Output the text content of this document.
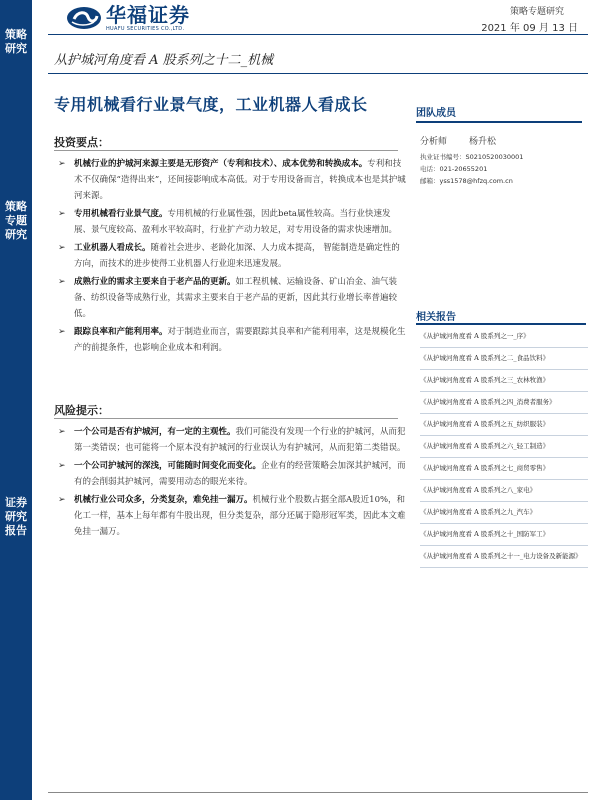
策略研究
策略专题研究
证券研究报告
华福证券
HUAFU SECURITIES CO.,LTD.
策略专题研究
2021 年 09 月 13 日
从护城河角度看 A 股系列之十二_机械
专用机械看行业景气度，工业机器人看成长
投资要点：
➢ 机械行业的护城河来源主要是无形资产（专利和技术）、成本优势和转换成本。专利和技术不仅确保“造得出来”，还间接影响成本高低。对于专用设备而言，转换成本也是其护城河来源。
➢ 专用机械看行业景气度。专用机械的行业属性强，因此beta属性较高。当行业快速发展、景气度较高、盈利水平较高时，行业扩产动力较足，对专用设备的需求快速增加。
➢ 工业机器人看成长。随着社会进步、老龄化加深、人力成本提高， 智能制造是确定性的方向，而技术的进步使得工业机器人行业迎来迅速发展。
➢ 成熟行业的需求主要来自于老产品的更新。如工程机械、运输设备、矿山冶金、油气装备、纺织设备等成熟行业，其需求主要来自于老产品的更新，因此其行业增长率普遍较低。
➢ 跟踪良率和产能利用率。对于制造业而言，需要跟踪其良率和产能利用率，这是规模化生产的前提条件，也影响企业成本和利润。
风险提示：
➢ 一个公司是否有护城河，有一定的主观性。我们可能没有发现一个行业的护城河，从而犯第一类错误；也可能将一个原本没有护城河的行业误认为有护城河，从而犯第二类错误。
➢ 一个公司护城河的深浅，可能随时间变化而变化。企业有的经营策略会加深其护城河，而有的会削弱其护城河，需要用动态的眼光来待。
➢ 机械行业公司众多，分类复杂，难免挂一漏万。机械行业个股数占据全部A股近10%，和化工一样，基本上每年都有牛股出现，但分类复杂，部分还属于隐形冠军类，因此本文难免挂一漏万。
团队成员
分析师 杨升松
执业证书编号：S0210520030001
电话：021-20655201
邮箱：yss1578@hfzq.com.cn
相关报告
《从护城河角度看 A 股系列之一_序》
《从护城河角度看 A 股系列之二_食品饮料》
《从护城河角度看 A 股系列之三_农林牧渔》
《从护城河角度看 A 股系列之四_消费者服务》
《从护城河角度看 A 股系列之五_纺织服装》
《从护城河角度看 A 股系列之六_轻工制造》
《从护城河角度看 A 股系列之七_商贸零售》
《从护城河角度看 A 股系列之八_家电》
《从护城河角度看 A 股系列之九_汽车》
《从护城河角度看 A 股系列之十_国防军工》
《从护城河角度看 A 股系列之十一_电力设备及新能源》
